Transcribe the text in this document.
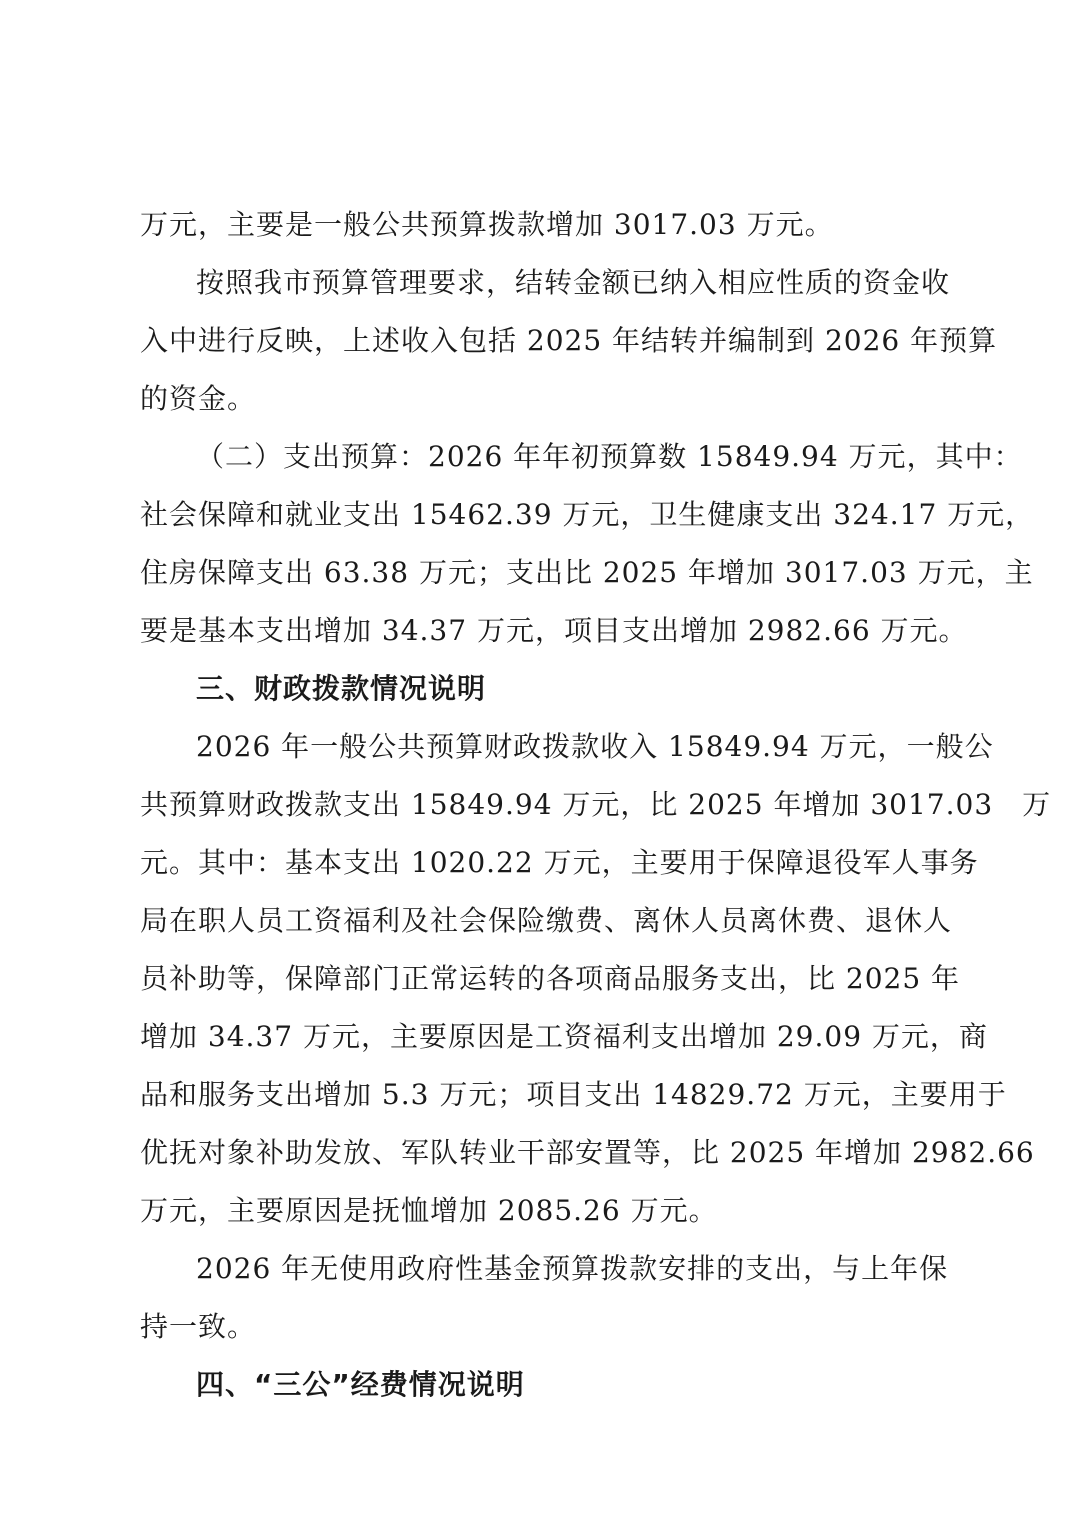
万元，主要是一般公共预算拨款增加 3017.03 万元。
按照我市预算管理要求，结转金额已纳入相应性质的资金收
入中进行反映，上述收入包括 2025 年结转并编制到 2026 年预算
的资金。
（二）支出预算：2026 年年初预算数 15849.94 万元，其中：
社会保障和就业支出 15462.39 万元，卫生健康支出 324.17 万元，
住房保障支出 63.38 万元；支出比 2025 年增加 3017.03 万元，主
要是基本支出增加 34.37 万元，项目支出增加 2982.66 万元。
三、财政拨款情况说明
2026 年一般公共预算财政拨款收入 15849.94 万元，一般公
共预算财政拨款支出 15849.94 万元，比 2025 年增加 3017.03　万
元。其中：基本支出 1020.22 万元，主要用于保障退役军人事务
局在职人员工资福利及社会保险缴费、离休人员离休费、退休人
员补助等，保障部门正常运转的各项商品服务支出，比 2025 年
增加 34.37 万元，主要原因是工资福利支出增加 29.09 万元，商
品和服务支出增加 5.3 万元；项目支出 14829.72 万元，主要用于
优抚对象补助发放、军队转业干部安置等，比 2025 年增加 2982.66
万元，主要原因是抚恤增加 2085.26 万元。
2026 年无使用政府性基金预算拨款安排的支出，与上年保
持一致。
四、“三公”经费情况说明
